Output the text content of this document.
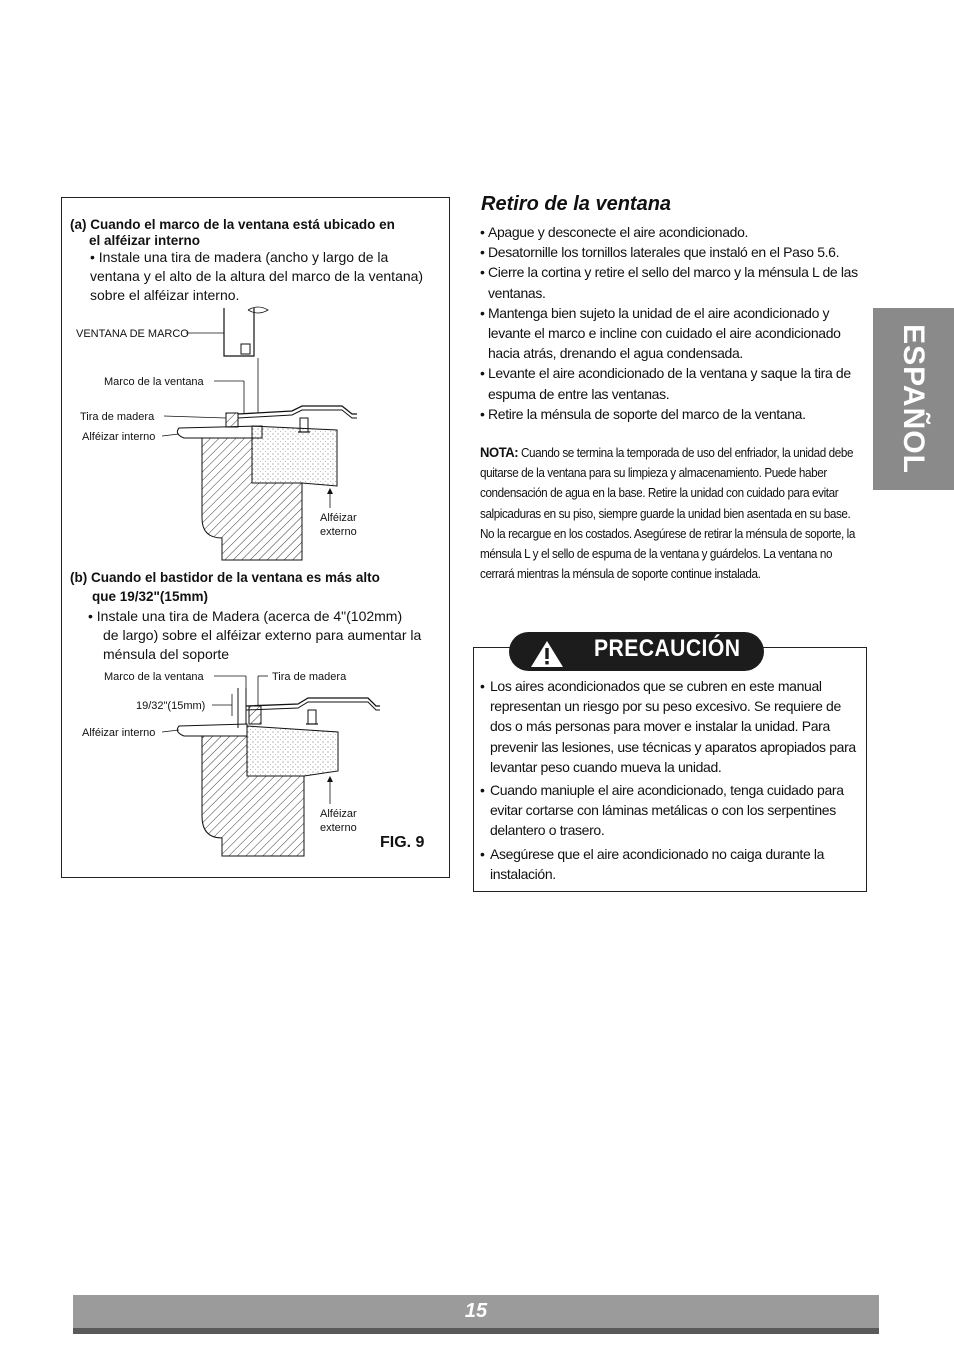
(a) Cuando el marco de la ventana está ubicado en
el alféizar interno
• Instale una tira de madera (ancho y largo de la
ventana y el alto de la altura del marco de la ventana)
sobre el alféizar interno.
VENTANA DE MARCO
Marco de la ventana
Tira de madera
Alféizar interno
Alféizar
externo
(b) Cuando el bastidor de la ventana es más alto
que 19/32"(15mm)
• Instale una tira de Madera (acerca de 4"(102mm)
de largo) sobre el alféizar externo para aumentar la
ménsula del soporte
Marco de la ventana	Tira de madera
19/32"(15mm)
Alféizar interno
Alféizar
externo
FIG. 9
Retiro de la ventana
• Apague y desconecte el aire acondicionado.
• Desatornille los tornillos laterales que instaló en el Paso 5.6.
• Cierre la cortina y retire el sello del marco y la ménsula L de las ventanas.
• Mantenga bien sujeto la unidad de el aire acondicionado y levante el marco e incline con cuidado el aire acondicionado hacia atrás, drenando el agua condensada.
• Levante el aire acondicionado de la ventana y saque la tira de espuma de entre las ventanas.
• Retire la ménsula de soporte del marco de la ventana.
NOTA: Cuando se termina la temporada de uso del enfriador, la unidad debe quitarse de la ventana para su limpieza y almacenamiento. Puede haber condensación de agua en la base. Retire la unidad con cuidado para evitar salpicaduras en su piso, siempre guarde la unidad bien asentada en su base. No la recargue en los costados. Asegúrese de retirar la ménsula de soporte, la ménsula L y el sello de espuma de la ventana y guárdelos. La ventana no cerrará mientras la ménsula de soporte continue instalada.
PRECAUCIÓN
• Los aires acondicionados que se cubren en este manual representan un riesgo por su peso excesivo. Se requiere de dos o más personas para mover e instalar la unidad. Para prevenir las lesiones, use técnicas y aparatos apropiados para levantar peso cuando mueva la unidad.
• Cuando maniuple el aire acondicionado, tenga cuidado para evitar cortarse con láminas metálicas o con los serpentines delantero o trasero.
• Asegúrese que el aire acondicionado no caiga durante la instalación.
ESPAÑOL
15
